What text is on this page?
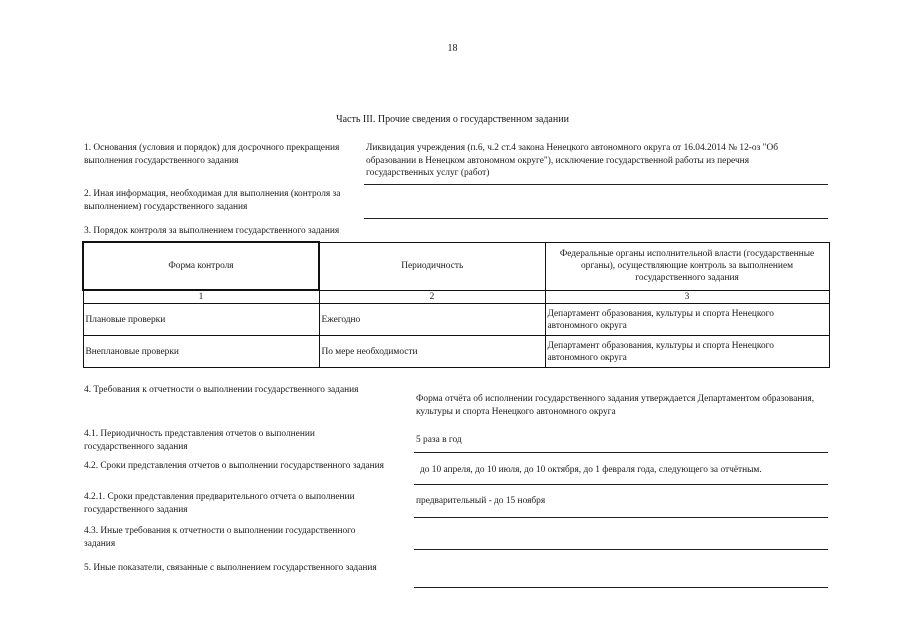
18
Часть III. Прочие сведения о государственном задании
1. Основания (условия и порядок) для досрочного прекращения выполнения государственного задания
Ликвидация учреждения (п.6, ч.2 ст.4 закона Ненецкого автономного округа от 16.04.2014 № 12-оз "Об образовании в Ненецком автономном округе"), исключение государственной работы из перечня государственных услуг (работ)
2. Иная информация, необходимая для выполнения (контроля за выполнением) государственного задания
3. Порядок контроля за выполнением государственного задания
Форма контроля	Периодичность	Федеральные органы исполнительной власти (государственные органы), осуществляющие контроль за выполнением государственного задания
1	2	3
Плановые проверки	Ежегодно	Департамент образования, культуры и спорта Ненецкого автономного округа
Внеплановые проверки	По мере необходимости	Департамент образования, культуры и спорта Ненецкого автономного округа
4. Требования к отчетности о выполнении государственного задания
Форма отчёта об исполнении государственного задания утверждается Департаментом образования, культуры и спорта Ненецкого автономного округа
4.1. Периодичность представления отчетов о выполнении государственного задания
5 раза в год
4.2. Сроки представления отчетов о выполнении государственного задания	до 10 апреля, до 10 июля, до 10 октября, до 1 февраля года, следующего за отчётным.
4.2.1. Сроки представления предварительного отчета о выполнении государственного задания
предварительный - до 15 ноября
4.3. Иные требования к отчетности о выполнении государственного задания
5. Иные показатели, связанные с выполнением государственного задания
